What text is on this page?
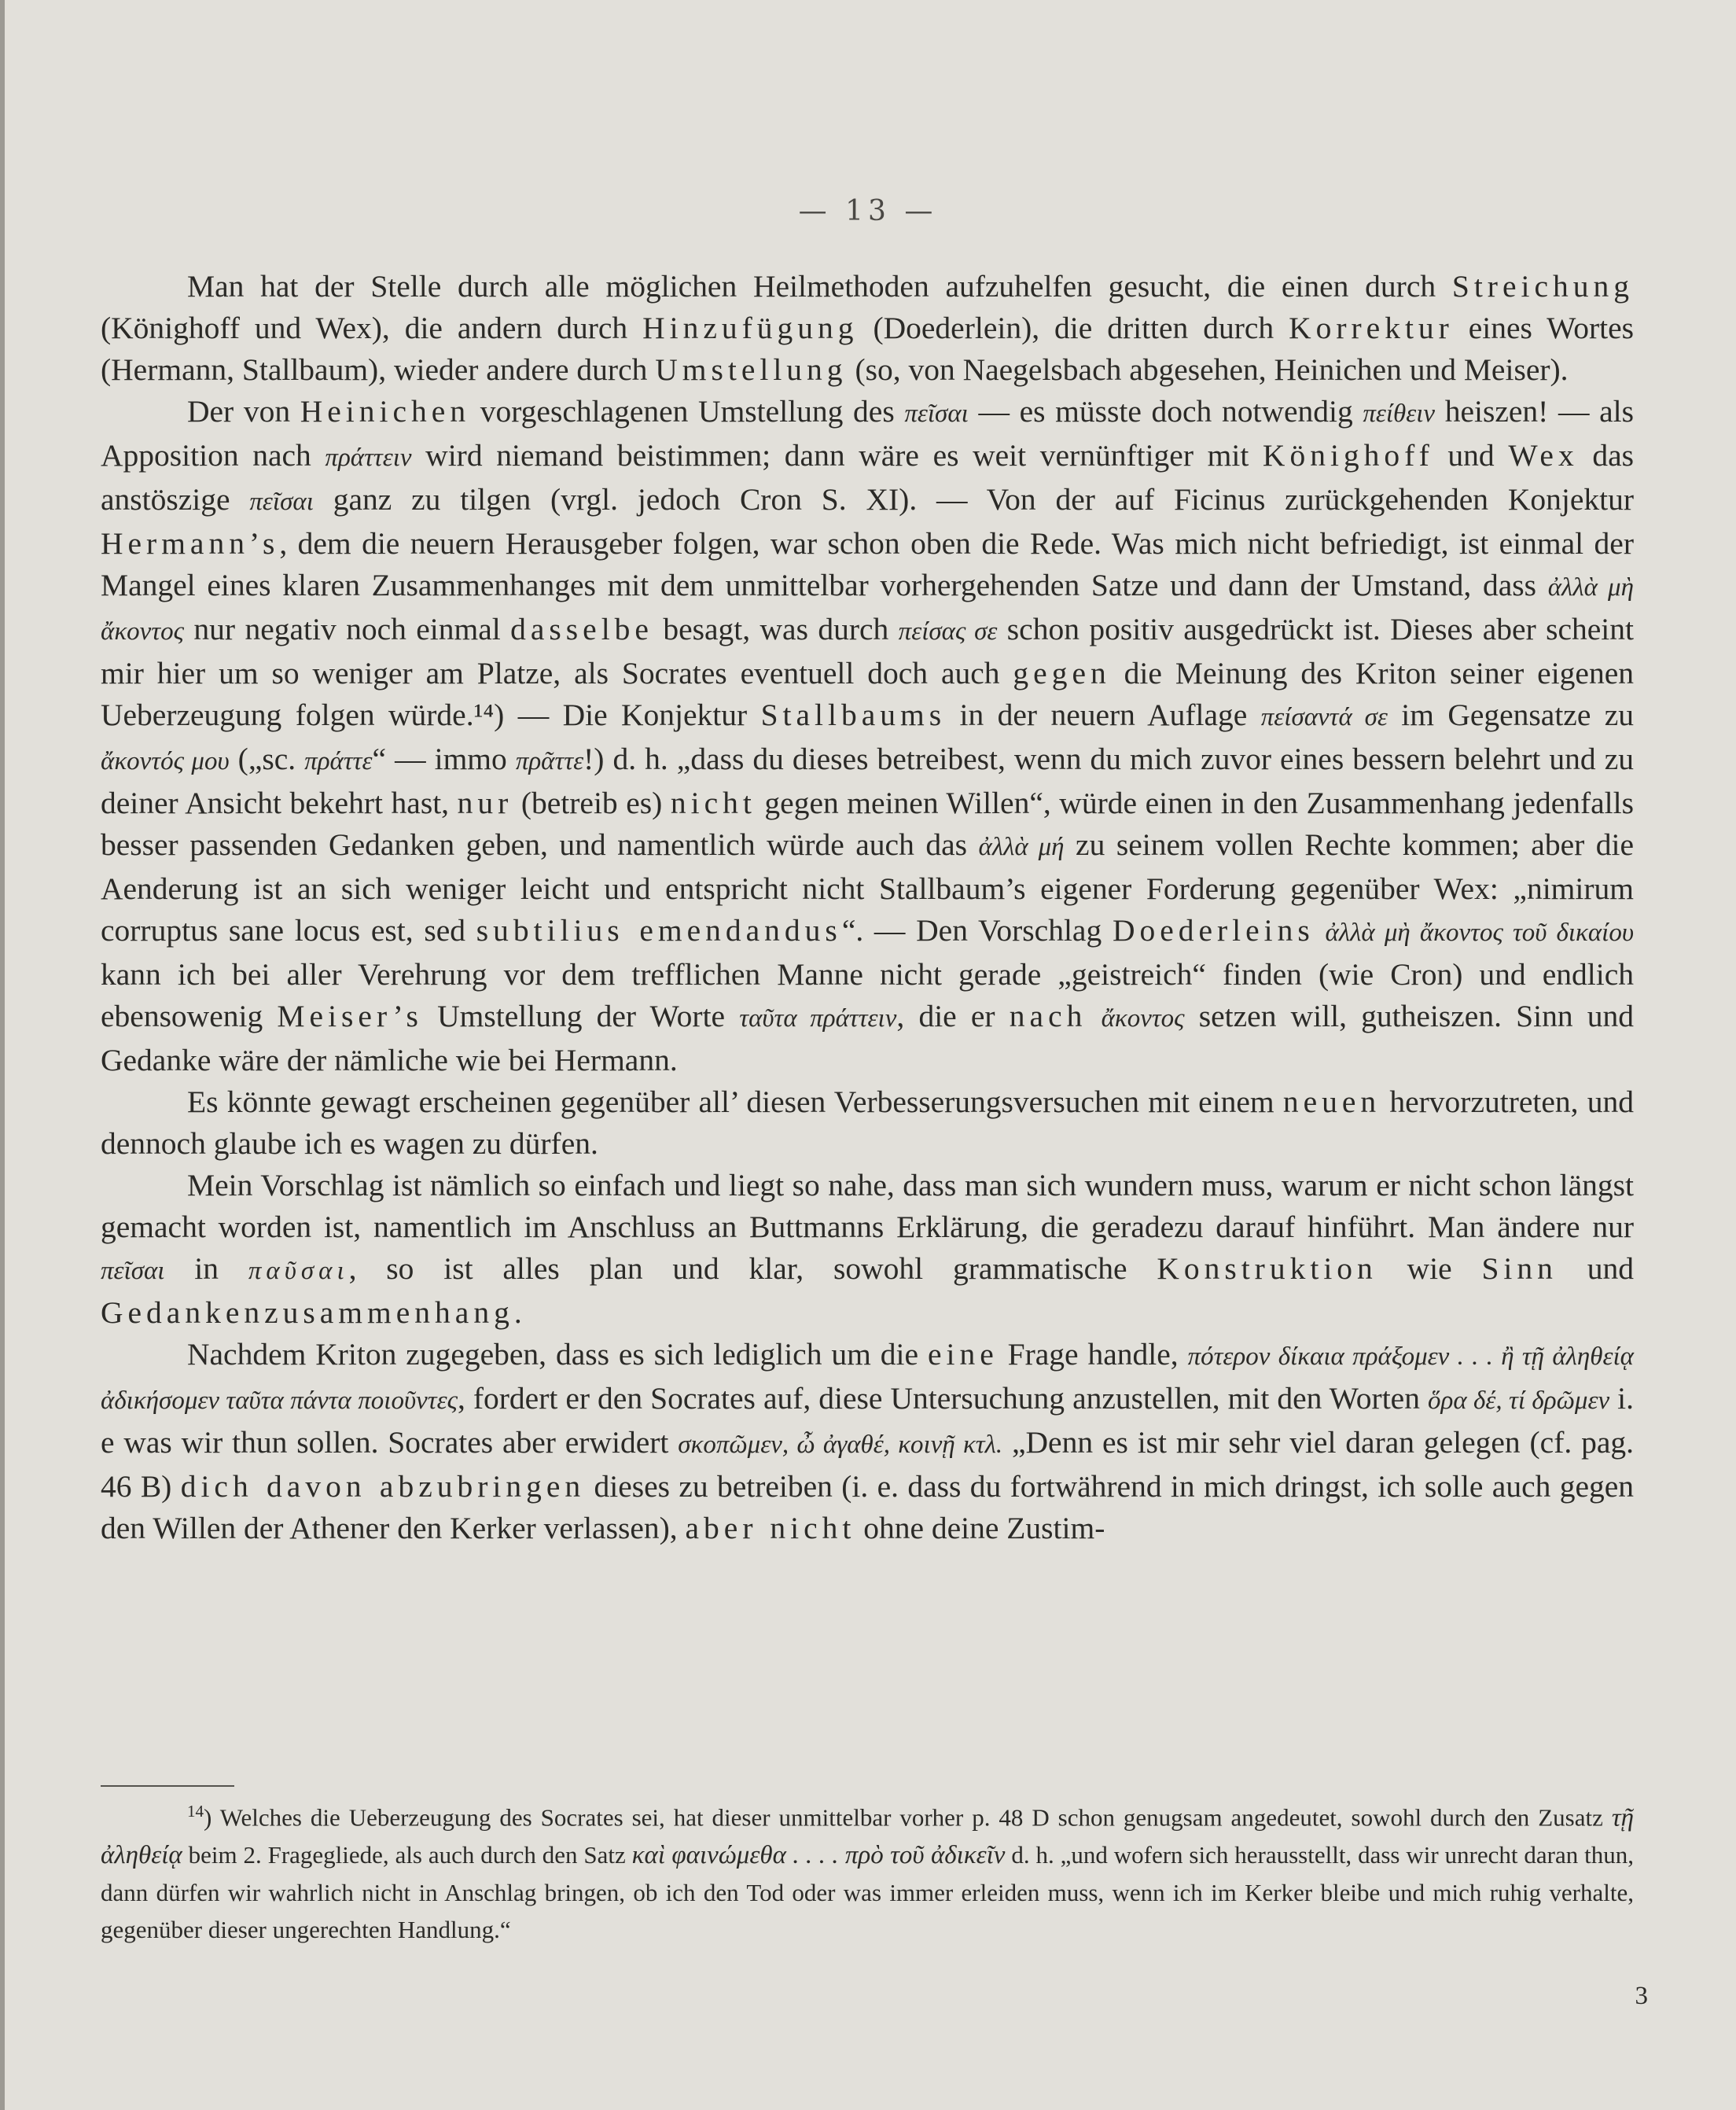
— 13 —

Man hat der Stelle durch alle möglichen Heilmethoden aufzuhelfen gesucht, die einen durch Streichung (Könighoff und Wex), die andern durch Hinzufügung (Doederlein), die dritten durch Korrektur eines Wortes (Hermann, Stallbaum), wieder andere durch Umstellung (so, von Naegelsbach abgesehen, Heinichen und Meiser).

Der von Heinichen vorgeschlagenen Umstellung des πεῖσαι — es müsste doch notwendig πείθειν heiszen! — als Apposition nach πράττειν wird niemand beistimmen; dann wäre es weit vernünftiger mit Könighoff und Wex das anstöszige πεῖσαι ganz zu tilgen (vrgl. jedoch Cron S. XI). — Von der auf Ficinus zurückgehenden Konjektur Hermann’s, dem die neuern Herausgeber folgen, war schon oben die Rede. Was mich nicht befriedigt, ist einmal der Mangel eines klaren Zusammenhanges mit dem unmittelbar vorhergehenden Satze und dann der Umstand, dass ἀλλὰ μὴ ἄκοντος nur negativ noch einmal dasselbe besagt, was durch πείσας σε schon positiv ausgedrückt ist. Dieses aber scheint mir hier um so weniger am Platze, als Socrates eventuell doch auch gegen die Meinung des Kriton seiner eigenen Ueberzeugung folgen würde.¹⁴) — Die Konjektur Stallbaums in der neuern Auflage πείσαντά σε im Gegensatze zu ἄκοντός μου („sc. πράττε“ — immo πρᾶττε!) d. h. „dass du dieses betreibest, wenn du mich zuvor eines bessern belehrt und zu deiner Ansicht bekehrt hast, nur (betreib es) nicht gegen meinen Willen“, würde einen in den Zusammenhang jedenfalls besser passenden Gedanken geben, und namentlich würde auch das ἀλλὰ μή zu seinem vollen Rechte kommen; aber die Aenderung ist an sich weniger leicht und entspricht nicht Stallbaum’s eigener Forderung gegenüber Wex: „nimirum corruptus sane locus est, sed subtilius emendandus“. — Den Vorschlag Doederleins ἀλλὰ μὴ ἄκοντος τοῦ δικαίου kann ich bei aller Verehrung vor dem trefflichen Manne nicht gerade „geistreich“ finden (wie Cron) und endlich ebensowenig Meiser’s Umstellung der Worte ταῦτα πράττειν, die er nach ἄκοντος setzen will, gutheiszen. Sinn und Gedanke wäre der nämliche wie bei Hermann.

Es könnte gewagt erscheinen gegenüber all’ diesen Verbesserungsversuchen mit einem neuen hervorzutreten, und dennoch glaube ich es wagen zu dürfen.

Mein Vorschlag ist nämlich so einfach und liegt so nahe, dass man sich wundern muss, warum er nicht schon längst gemacht worden ist, namentlich im Anschluss an Buttmanns Erklärung, die geradezu darauf hinführt. Man ändere nur πεῖσαι in παῦσαι, so ist alles plan und klar, sowohl grammatische Konstruktion wie Sinn und Gedankenzusammenhang.

Nachdem Kriton zugegeben, dass es sich lediglich um die eine Frage handle, πότερον δίκαια πράξομεν . . . ἢ τῇ ἀληθείᾳ ἀδικήσομεν ταῦτα πάντα ποιοῦντες, fordert er den Socrates auf, diese Untersuchung anzustellen, mit den Worten ὅρα δέ, τί δρῶμεν i. e was wir thun sollen. Socrates aber erwidert σκοπῶμεν, ὦ ἀγαθέ, κοινῇ κτλ. „Denn es ist mir sehr viel daran gelegen (cf. pag. 46 B) dich davon abzubringen dieses zu betreiben (i. e. dass du fortwährend in mich dringst, ich solle auch gegen den Willen der Athener den Kerker verlassen), aber nicht ohne deine Zustim-

$^{14}$) Welches die Ueberzeugung des Socrates sei, hat dieser unmittelbar vorher p. 48 D schon genugsam angedeutet, sowohl durch den Zusatz τῇ ἀληθείᾳ beim 2. Fragegliede, als auch durch den Satz καὶ φαινώμεθα . . . . πρὸ τοῦ ἀδικεῖν d. h. „und wofern sich herausstellt, dass wir unrecht daran thun, dann dürfen wir wahrlich nicht in Anschlag bringen, ob ich den Tod oder was immer erleiden muss, wenn ich im Kerker bleibe und mich ruhig verhalte, gegenüber dieser ungerechten Handlung.“

3
